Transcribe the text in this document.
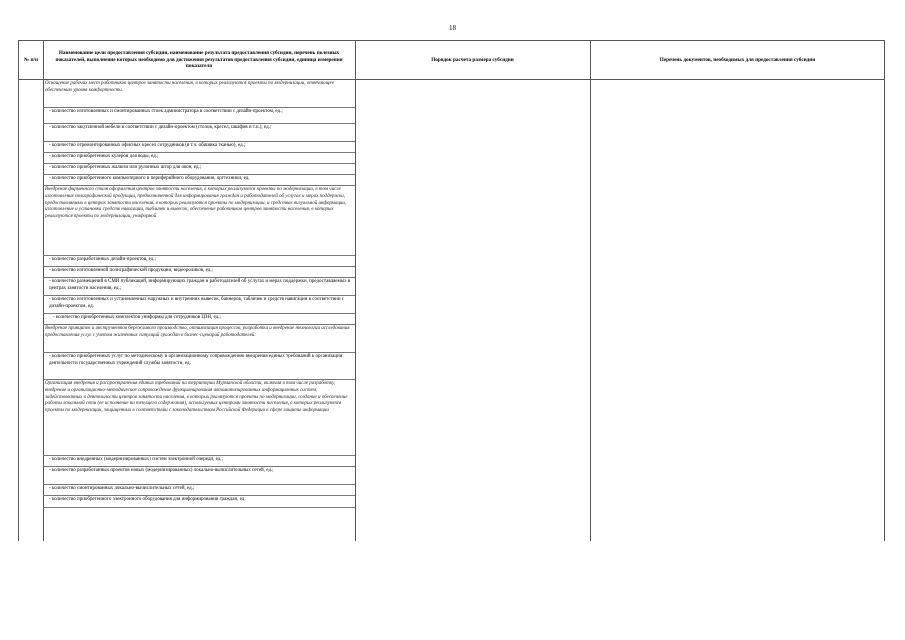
18
№ п/п
Наименование цели предоставления субсидии, наименование результата предоставления субсидии, перечень полезных показателей, выполнение которых необходимо для достижения результатов предоставления субсидии, единица измерения показателя
Порядок расчета размера субсидии	Перечень документов, необходимых для предоставления субсидии
Оснащение рабочих мест работников центров занятости населения, в которых реализуются проекты по модернизации, отвечающее обеспечению уровня комфортности.
- количество изготовленных и смонтированных стоек администратора в соответствии с дизайн-проектом, ед.;
- количество закупленной мебели в соответствии с дизайн-проектом (столов, кресел, шкафов и т.п.), ед.;
- количество отремонтированных офисных кресел сотрудников (в т.ч. обшивка тканью), ед.;
- количество приобретенных кулеров для воды, ед.;
- количество приобретенных жалюзи или рулонных штор для окон, ед.;
- количество приобретенного компьютерного и периферийного оборудования, оргтехники, ед.
Внедрение фирменного стиля оформления центров занятости населения, в которых реализуются проекты по модернизации, в том числе изготовление полиграфической продукции, предназначенной для информирования граждан и работодателей об услугах и мерах поддержки, предоставляемых в центрах занятости населения, в которых реализуются проекты по модернизации, и средствах визуальной информации, изготовление и установка средств навигации, табличек и вывесок, обеспечение работников центров занятости населения, в которых реализуются проекты по модернизации, униформой
- количество разработанных дизайн-проектов, ед.;
- количество изготовленной полиграфической продукции, видеороликов, ед.;
- количество размещений в СМИ публикаций, информирующих граждан и работодателей об услугах и мерах поддержки, предоставляемых в центрах занятости населения, ед.;
- количество изготовленных и установленных наружных и внутренних вывесок, баннеров, табличек и средств навигации в соответствии с дизайн-проектом, ед.
- количество приобретенных комплектов униформы для сотрудников ЦЗН, ед.;
Внедрение принципов и инструментов бережливого производства, оптимизация процессов, разработка и внедрение технологии исследования предоставления услуг с учетом жизненных ситуаций граждан в бизнес-сценарий работодателей:
- количество приобретенных услуг по методическому и организационному сопровождению внедрения единых требований к организации деятельности государственных учреждений службы занятости, ед.
Организация внедрения и распространения единых требований на территории Мурманской области, включая в том числе разработку, внедрение и организационно-методическое сопровождение функционирования автоматизированных информационных систем, задействованных в деятельности центров занятости населения, в которых реализуются проекты по модернизации, создание и обеспечение работы локальной сети (ее исполнение на текущего содержания), используемых центрами занятости населения, в которых реализуются проекты по модернизации, защищенных в соответствии с законодательством Российской Федерации в сфере защиты информации
- количество внедренных (модернизированных) систем электронной очереди, ед.;
- количество разработанных проектов новых (модернизированных) локально-вычислительных сетей, ед.;
- количество смонтированных локально-вычислительных сетей, ед.;
- количество приобретенного электронного оборудования для информирования граждан, ед.
